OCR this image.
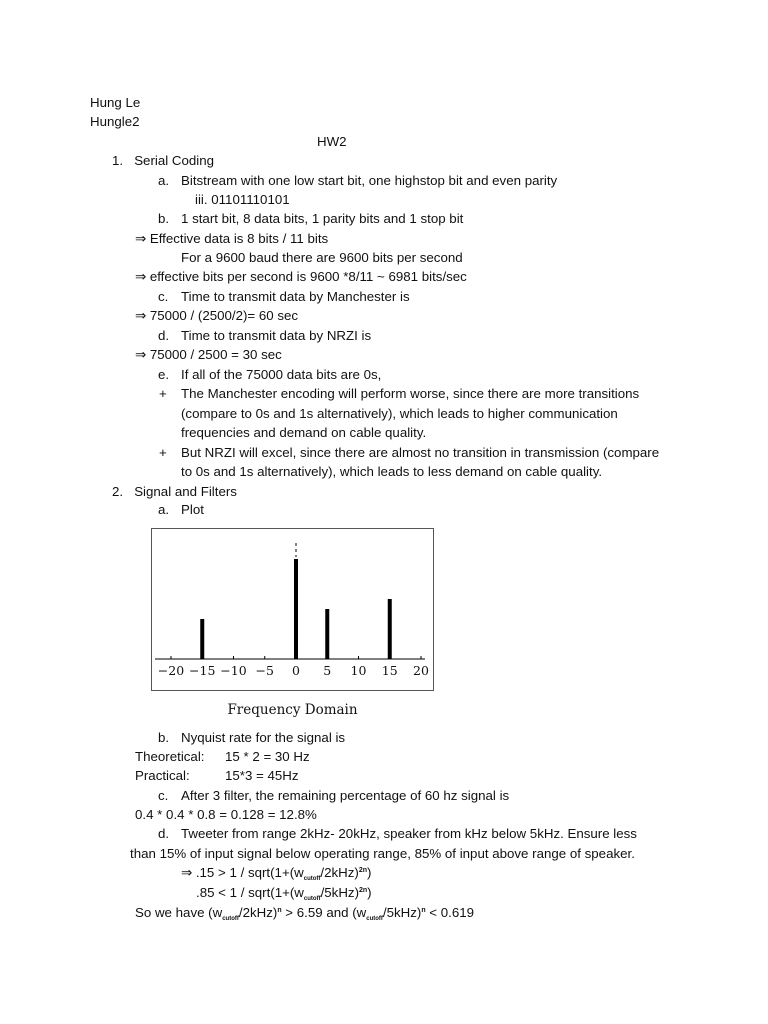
Hung Le
Hungle2
HW2
1. Serial Coding
a. Bitstream with one low start bit, one highstop bit and even parity
iii. 01101110101
b. 1 start bit, 8 data bits, 1 parity bits and 1 stop bit
⇒ Effective data is 8 bits / 11 bits
For a 9600 baud there are 9600 bits per second
⇒ effective bits per second is 9600 *8/11 ~ 6981 bits/sec
c. Time to transmit data by Manchester is
⇒ 75000 / (2500/2)= 60 sec
d. Time to transmit data by NRZI is
⇒ 75000 / 2500 = 30 sec
e. If all of the 75000 data bits are 0s,
+ The Manchester encoding will perform worse, since there are more transitions
(compare to 0s and 1s alternatively), which leads to higher communication
frequencies and demand on cable quality.
+ But NRZI will excel, since there are almost no transition in transmission (compare
to 0s and 1s alternatively), which leads to less demand on cable quality.
2. Signal and Filters
a. Plot
−20 −15 −10 −5 0 5 10 15 20
Frequency Domain
b. Nyquist rate for the signal is
Theoretical: 15 * 2 = 30 Hz
Practical:	15*3 = 45Hz
c. After 3 filter, the remaining percentage of 60 hz signal is
0.4 * 0.4 * 0.8 = 0.128 = 12.8%
d. Tweeter from range 2kHz- 20kHz, speaker from kHz below 5kHz. Ensure less
than 15% of input signal below operating range, 85% of input above range of speaker.
⇒ $.15 > 1 / sqrt(1+(w_{cutoff}/2kHz)^{2n})$
$.85 < 1 / sqrt(1+(w_{cutoff}/5kHz)^{2n})$
So we have $(w_{cutoff}/2kHz)^n > 6.59$ and $(w_{cutoff}/5kHz)^n < 0.619$
